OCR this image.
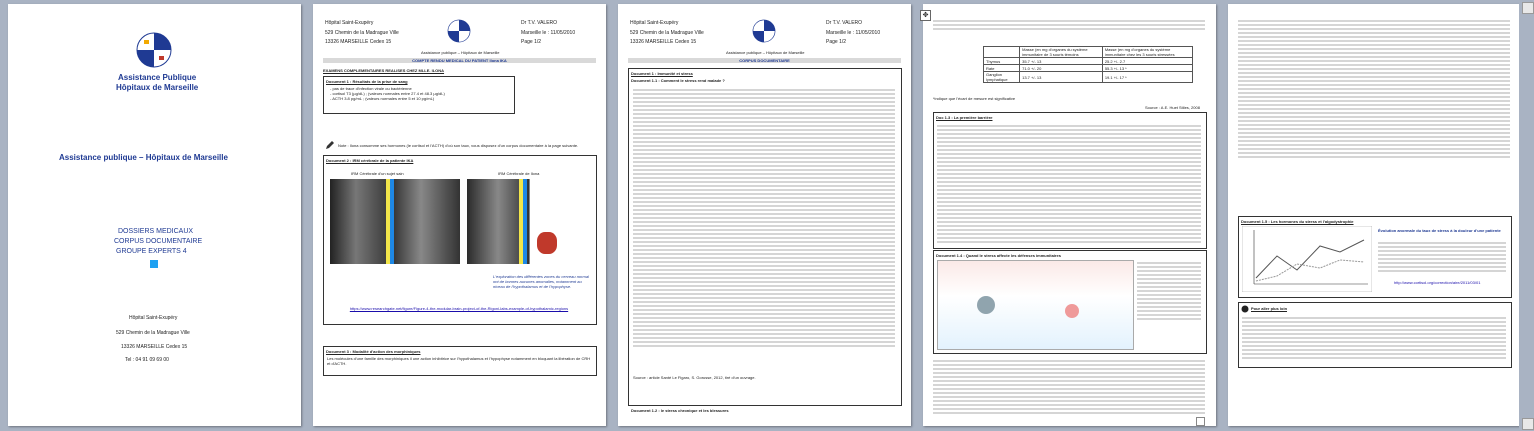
Assistance Publique
Hôpitaux de Marseille
Assistance publique – Hôpitaux de Marseille
DOSSIERS MEDICAUX
CORPUS DOCUMENTAIRE
GROUPE EXPERTS 4
Hôpital Saint-Exupéry
529 Chemin de la Madrague Ville
13326 MARSEILLE Cedex 15
Tel : 04 91 09 69 00
Hôpital Saint-Exupéry
529 Chemin de la Madrague Ville
13326 MARSEILLE Cedex 15
Dr T.V. VALERO
Marseille le : 11/05/2010
Page 1/2
Assistance publique – Hôpitaux de Marseille
COMPTE RENDU MEDICAL DU PATIENT Ilona IKA
EXAMENS COMPLEMENTAIRES REALISES CHEZ MLLE. ILONA
Document 1 : Résultats de la prise de sang
- pas de trace d'infection virale ou bactérienne
- cortisol T3 (µg/dL) ; (valeurs normales entre 27.4 et 48.3 µg/dL)
- ACTH 3.8 pg/mL ; (valeurs normales entre 5 et 10 pg/mL)
Note : Ilona consomme ses hormones (le cortisol et l'ACTH) d'où son taux, vous disposez d'un corpus documentaire à la page suivante.
Document 2 : IRM cérébrale de la patiente IKA
IRM Cérébrale d'un sujet sain	IRM Cérébrale de Ilona
L'exploration des différentes zones du cerveau normal ont de bonnes aucunes anomalies, notamment au niveau de l'hypothalamus et de l'hypophyse.
https://www.researchgate.net/figure/Figure-4-the-modular-brain-project-of-the-Rigoni-labs-example-of-hypothalamic-regions
Document 3 : Modalité d'action des morphiniques
Les molécules d'une famille des morphiniques il une action inhibitrice sur l'hypothalamus et l'hypophyse notamment en bloquant la libération de CRH et d'ACTH.
Hôpital Saint-Exupéry
529 Chemin de la Madrague Ville
13326 MARSEILLE Cedex 15
Dr T.V. VALERO
Marseille le : 11/05/2010
Page 1/2
Assistance publique – Hôpitaux de Marseille
CORPUS DOCUMENTAIRE
Document 1 : Immunité et stress
Document 1.1 : Comment le stress rend malade ?
Source : article Santé Le Figaro, S. Gorusse, 2012, tiré d'un ouvrage.
Document 1.2 : le stress chronique et les blessures
	Masse (en mg d'organes du système immunitaire de 3 souris témoins	Masse (en mg d'organes du système immunitaire chez les 3 souris stressées
Thymus	35.7 +/- 13	25.2 +/- 2.7
Rate	71.0 +/- 20	55.3 +/- 13 *
Ganglion lymphatique	13.7 +/- 13	19.1 +/- 17 *
*indique que l'écart de mesure est significative
Source : A.E. Huet Stiles, 2008
Doc 1.3 : La première barrière
Document 1.4 : Quand le stress affecte les défenses immunitaires
✥
Document 1.5 : Les hormones du stress et l'algodystrophie
Évolution anormale du taux de stress à la douleur d'une patiente
http://www.cortisol.org/correction/aire/2011/03/01
Pour aller plus loin
